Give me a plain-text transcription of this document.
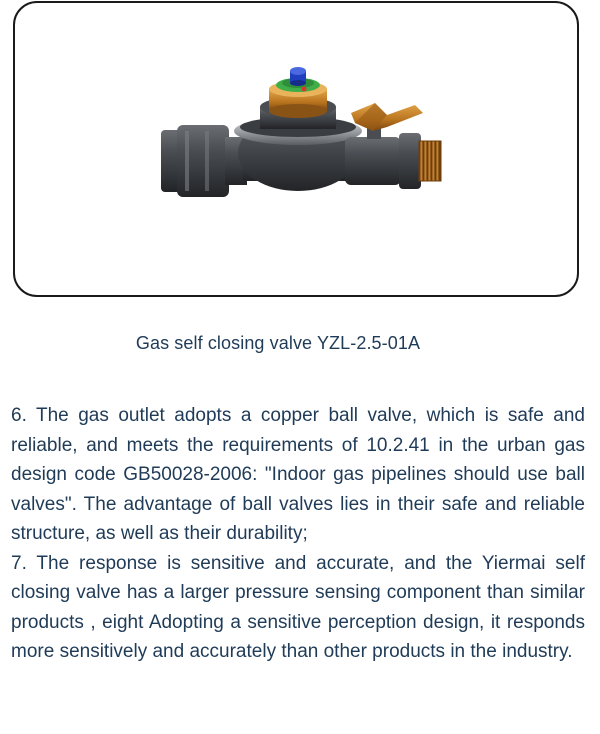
Gas self closing valve YZL-2.5-01A

6. The gas outlet adopts a copper ball valve, which is safe and reliable, and meets the requirements of 10.2.41 in the urban gas design code GB50028-2006: "Indoor gas pipelines should use ball valves". The advantage of ball valves lies in their safe and reliable structure, as well as their durability;

7. The response is sensitive and accurate, and the Yiermai self closing valve has a larger pressure sensing component than similar products , eight Adopting a sensitive perception design, it responds more sensitively and accurately than other products in the industry.
